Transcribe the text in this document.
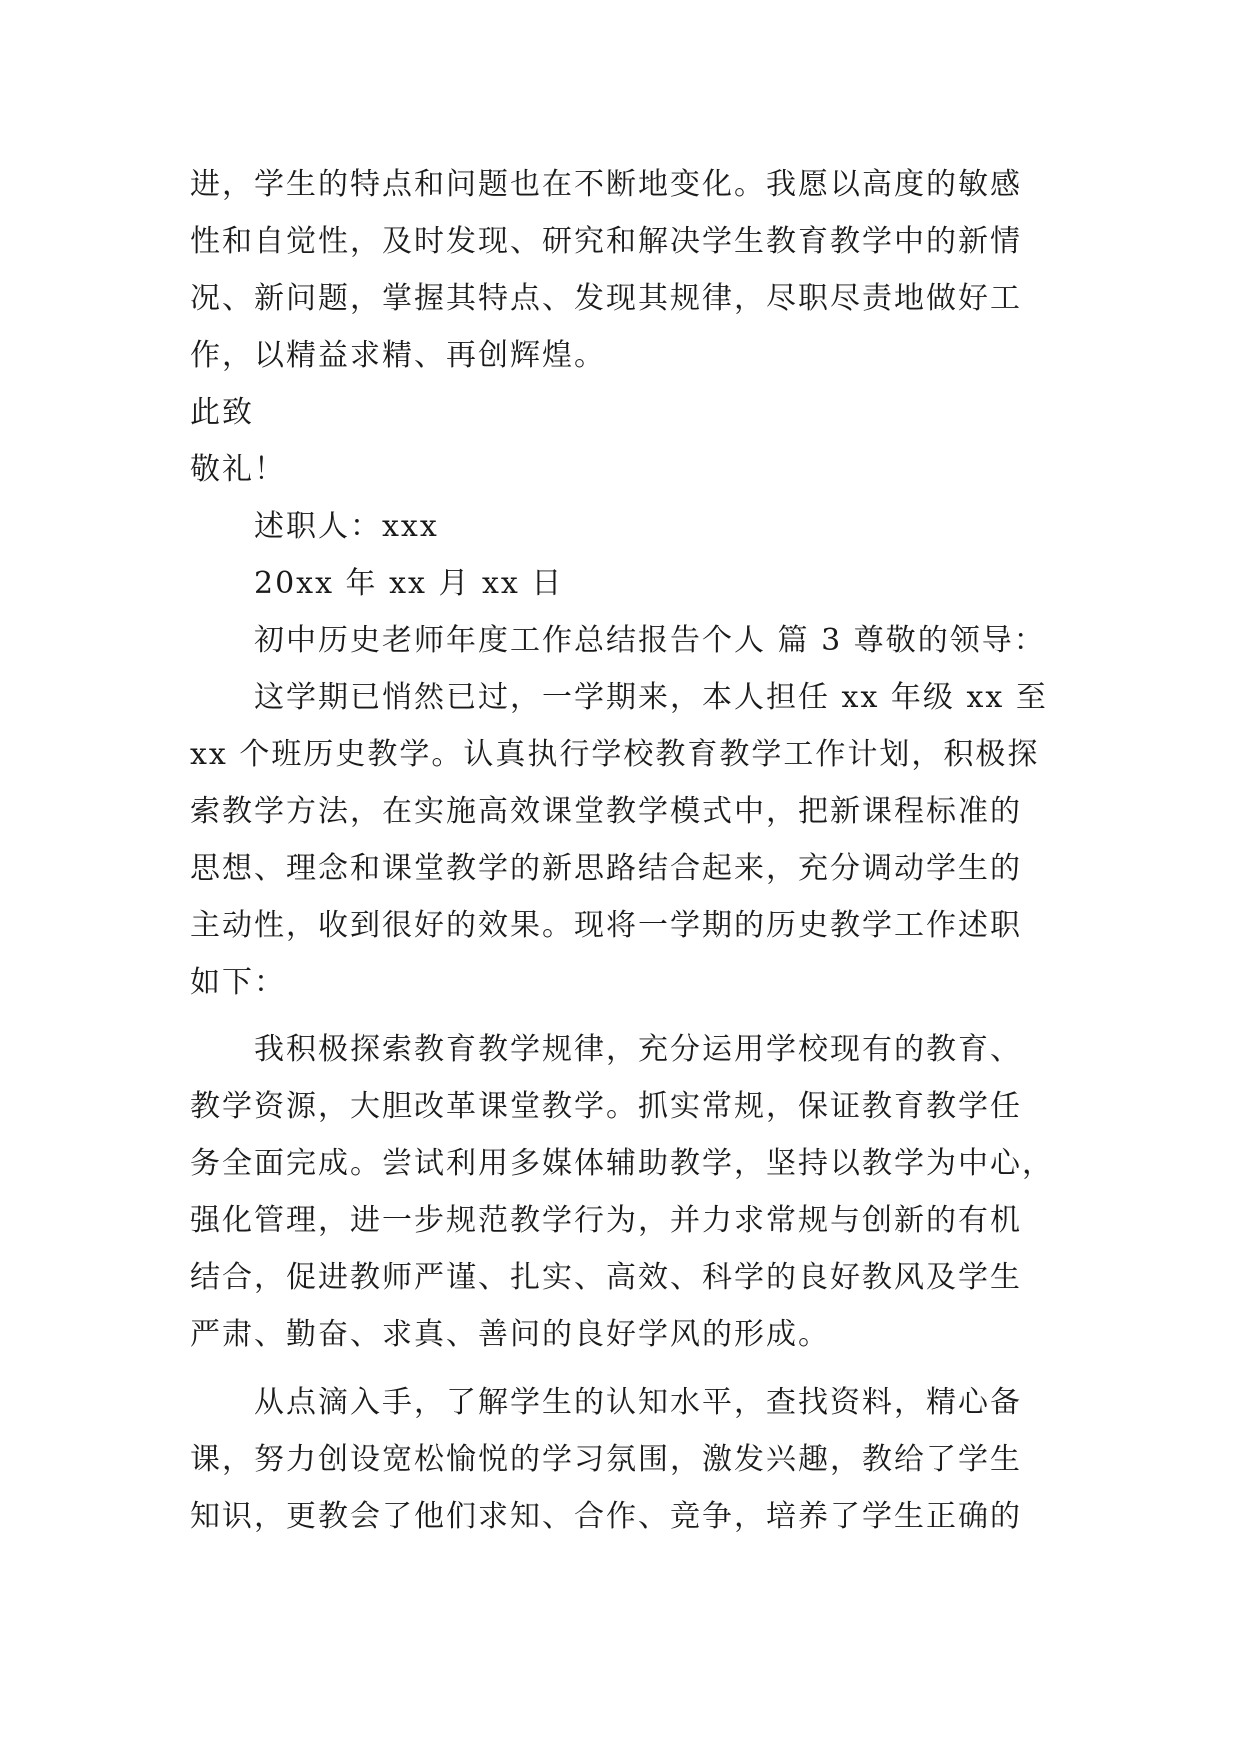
进，学生的特点和问题也在不断地变化。我愿以高度的敏感
性和自觉性，及时发现、研究和解决学生教育教学中的新情
况、新问题，掌握其特点、发现其规律，尽职尽责地做好工
作，以精益求精、再创辉煌。
此致
敬礼！
述职人：xxx
20xx 年 xx 月 xx 日
初中历史老师年度工作总结报告个人 篇 3 尊敬的领导：
这学期已悄然已过，一学期来，本人担任 xx 年级 xx 至
xx 个班历史教学。认真执行学校教育教学工作计划，积极探
索教学方法，在实施高效课堂教学模式中，把新课程标准的
思想、理念和课堂教学的新思路结合起来，充分调动学生的
主动性，收到很好的效果。现将一学期的历史教学工作述职
如下：
我积极探索教育教学规律，充分运用学校现有的教育、
教学资源，大胆改革课堂教学。抓实常规，保证教育教学任
务全面完成。尝试利用多媒体辅助教学，坚持以教学为中心，
强化管理，进一步规范教学行为，并力求常规与创新的有机
结合，促进教师严谨、扎实、高效、科学的良好教风及学生
严肃、勤奋、求真、善问的良好学风的形成。
从点滴入手，了解学生的认知水平，查找资料，精心备
课，努力创设宽松愉悦的学习氛围，激发兴趣，教给了学生
知识，更教会了他们求知、合作、竞争，培养了学生正确的
